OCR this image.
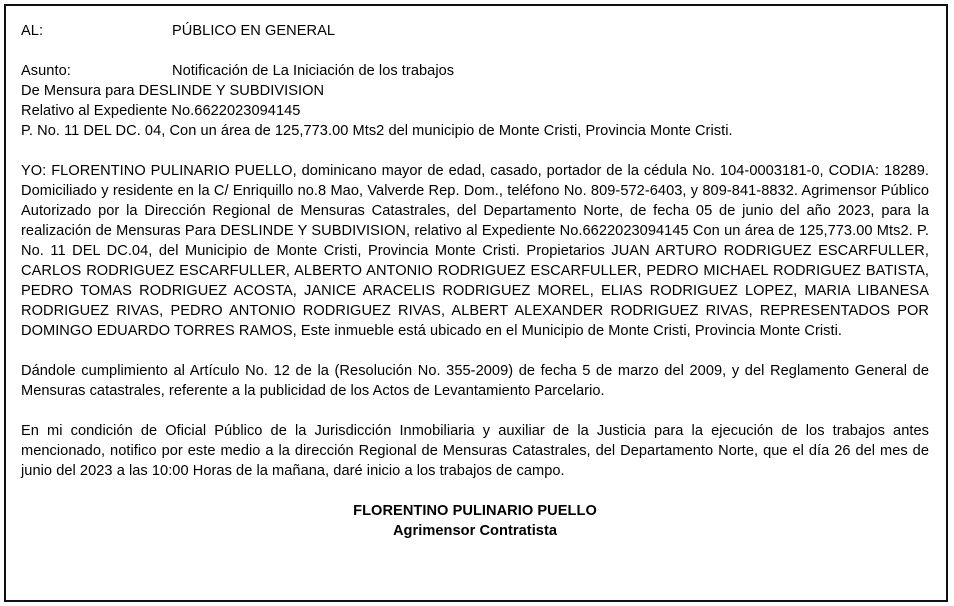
AL:	PÚBLICO EN GENERAL
Asunto:	Notificación de La Iniciación de los trabajos
De Mensura para DESLINDE Y SUBDIVISION
Relativo al Expediente No.6622023094145
P. No. 11 DEL DC. 04, Con un área de 125,773.00 Mts2 del municipio de Monte Cristi, Provincia Monte Cristi.
YO: FLORENTINO PULINARIO PUELLO, dominicano mayor de edad, casado, portador de la cédula No. 104-0003181-0, CODIA: 18289. Domiciliado y residente en la C/ Enriquillo no.8 Mao, Valverde Rep. Dom., teléfono No. 809-572-6403, y 809-841-8832. Agrimensor Público Autorizado por la Dirección Regional de Mensuras Catastrales, del Departamento Norte, de fecha 05 de junio del año 2023, para la realización de Mensuras Para DESLINDE Y SUBDIVISION, relativo al Expediente No.6622023094145 Con un área de 125,773.00 Mts2. P. No. 11 DEL DC.04, del Municipio de Monte Cristi, Provincia Monte Cristi. Propietarios JUAN ARTURO RODRIGUEZ ESCARFULLER, CARLOS RODRIGUEZ ESCARFULLER, ALBERTO ANTONIO RODRIGUEZ ESCARFULLER, PEDRO MICHAEL RODRIGUEZ BATISTA, PEDRO TOMAS RODRIGUEZ ACOSTA, JANICE ARACELIS RODRIGUEZ MOREL, ELIAS RODRIGUEZ LOPEZ, MARIA LIBANESA RODRIGUEZ RIVAS, PEDRO ANTONIO RODRIGUEZ RIVAS, ALBERT ALEXANDER RODRIGUEZ RIVAS, REPRESENTADOS POR DOMINGO EDUARDO TORRES RAMOS, Este inmueble está ubicado en el Municipio de Monte Cristi, Provincia Monte Cristi.
Dándole cumplimiento al Artículo No. 12 de la (Resolución No. 355-2009) de fecha 5 de marzo del 2009, y del Reglamento General de Mensuras catastrales, referente a la publicidad de los Actos de Levantamiento Parcelario.
En mi condición de Oficial Público de la Jurisdicción Inmobiliaria y auxiliar de la Justicia para la ejecución de los trabajos antes mencionado, notifico por este medio a la dirección Regional de Mensuras Catastrales, del Departamento Norte, que el día 26 del mes de junio del 2023 a las 10:00 Horas de la mañana, daré inicio a los trabajos de campo.
FLORENTINO PULINARIO PUELLO
Agrimensor Contratista
